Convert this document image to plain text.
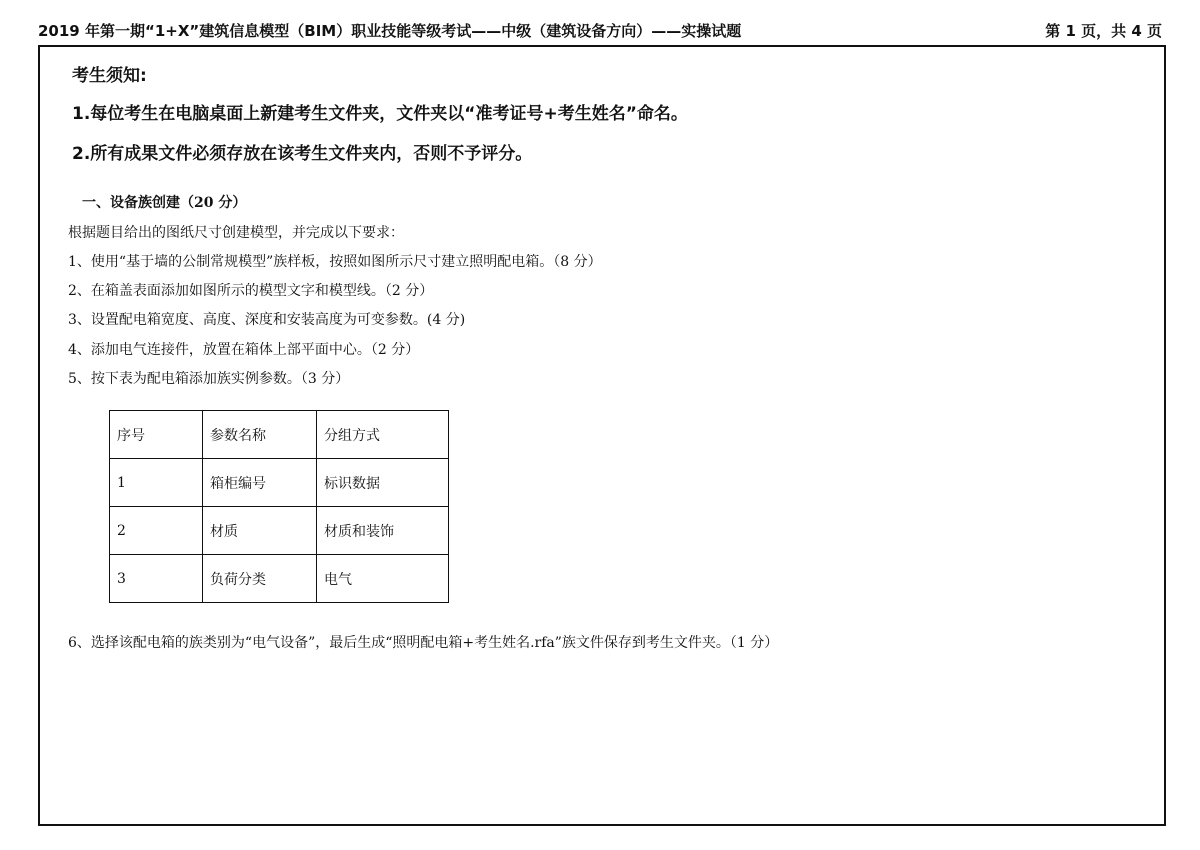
2019 年第一期“1+X”建筑信息模型（BIM）职业技能等级考试——中级（建筑设备方向）——实操试题	第 1 页，共 4 页
考生须知:
1.每位考生在电脑桌面上新建考生文件夹，文件夹以“准考证号+考生姓名”命名。
2.所有成果文件必须存放在该考生文件夹内，否则不予评分。
一、设备族创建（20 分）
根据题目给出的图纸尺寸创建模型，并完成以下要求：
1、使用“基于墙的公制常规模型”族样板，按照如图所示尺寸建立照明配电箱。（8 分）
2、在箱盖表面添加如图所示的模型文字和模型线。（2 分）
3、设置配电箱宽度、高度、深度和安装高度为可变参数。(4 分)
4、添加电气连接件，放置在箱体上部平面中心。（2 分）
5、按下表为配电箱添加族实例参数。（3 分）
序号	参数名称	分组方式
1	箱柜编号	标识数据
2	材质	材质和装饰
3	负荷分类	电气
6、选择该配电箱的族类别为“电气设备”，最后生成“照明配电箱+考生姓名.rfa”族文件保存到考生文件夹。（1 分）
